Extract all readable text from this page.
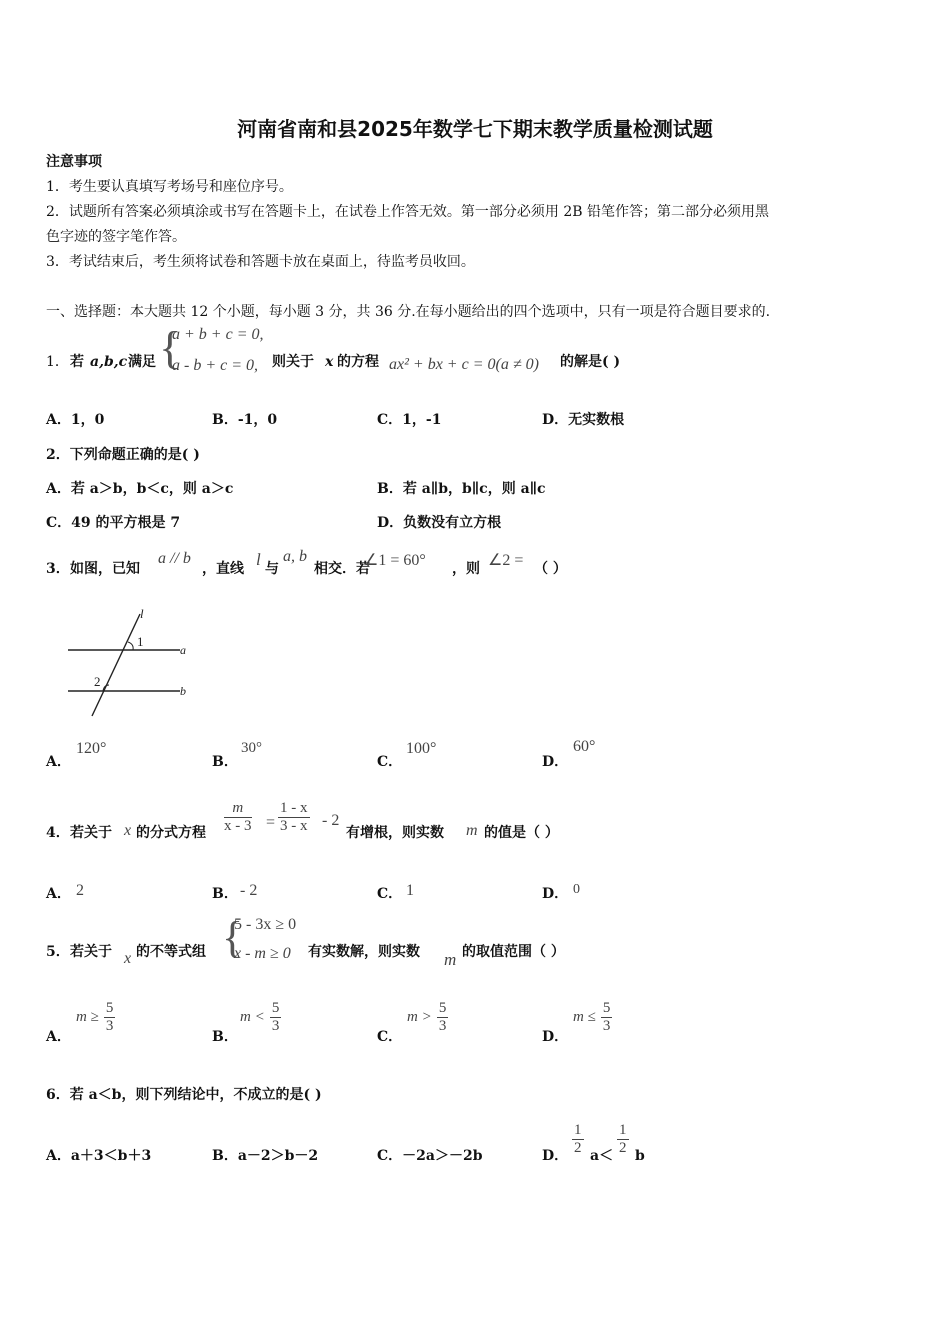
河南省南和县2025年数学七下期末教学质量检测试题
注意事项
1．考生要认真填写考场号和座位序号。
2．试题所有答案必须填涂或书写在答题卡上，在试卷上作答无效。第一部分必须用 2B 铅笔作答；第二部分必须用黑
色字迹的签字笔作答。
3．考试结束后，考生须将试卷和答题卡放在桌面上，待监考员收回。
一、选择题：本大题共 12 个小题，每小题 3 分，共 36 分.在每小题给出的四个选项中，只有一项是符合题目要求的.
1． 若 a,b,c 满足 {
a + b + c = 0,
a - b + c = 0, 则关于 x 的方程 ax² + bx + c = 0(a ≠ 0) 的解是( )
A．1，0	B．-1，0	C．1，-1	D．无实数根
2．下列命题正确的是( )
A．若 a＞b，b＜c，则 a＞c	B．若 a∥b，b∥c，则 a∥c
C．49 的平方根是 7	D．负数没有立方根
3． 如图，已知
a // b
，直线 l 与
a, b
相交．若
∠1 = 60° ，则 ∠2 = （ ）
l
1
2
a
b
A．
120°
B．
30°
C．
100°
D．
60°
4． 若关于 x 的分式方程 $\frac{m}{x - 3} = \frac{1 - x}{3 - x} - 2$
有增根，则实数 m 的值是（ ）
A． 2	B． - 2	C． 1	D． 0
5． 若关于 x 的不等式组 {
5 - 3x ≥ 0
x - m ≥ 0 有实数解，则实数 m 的取值范围（ ）
A．
$m \ge \frac{5}{3}$
B．
$m < \frac{5}{3}$
C．
$m > \frac{5}{3}$
D．
$m \le \frac{5}{3}$
6．若 a＜b，则下列结论中，不成立的是( )
A．a＋3＜b＋3	B．a－2＞b－2	C．－2a＞－2b	D． $\frac{1}{2} a< \frac{1}{2}$ b
